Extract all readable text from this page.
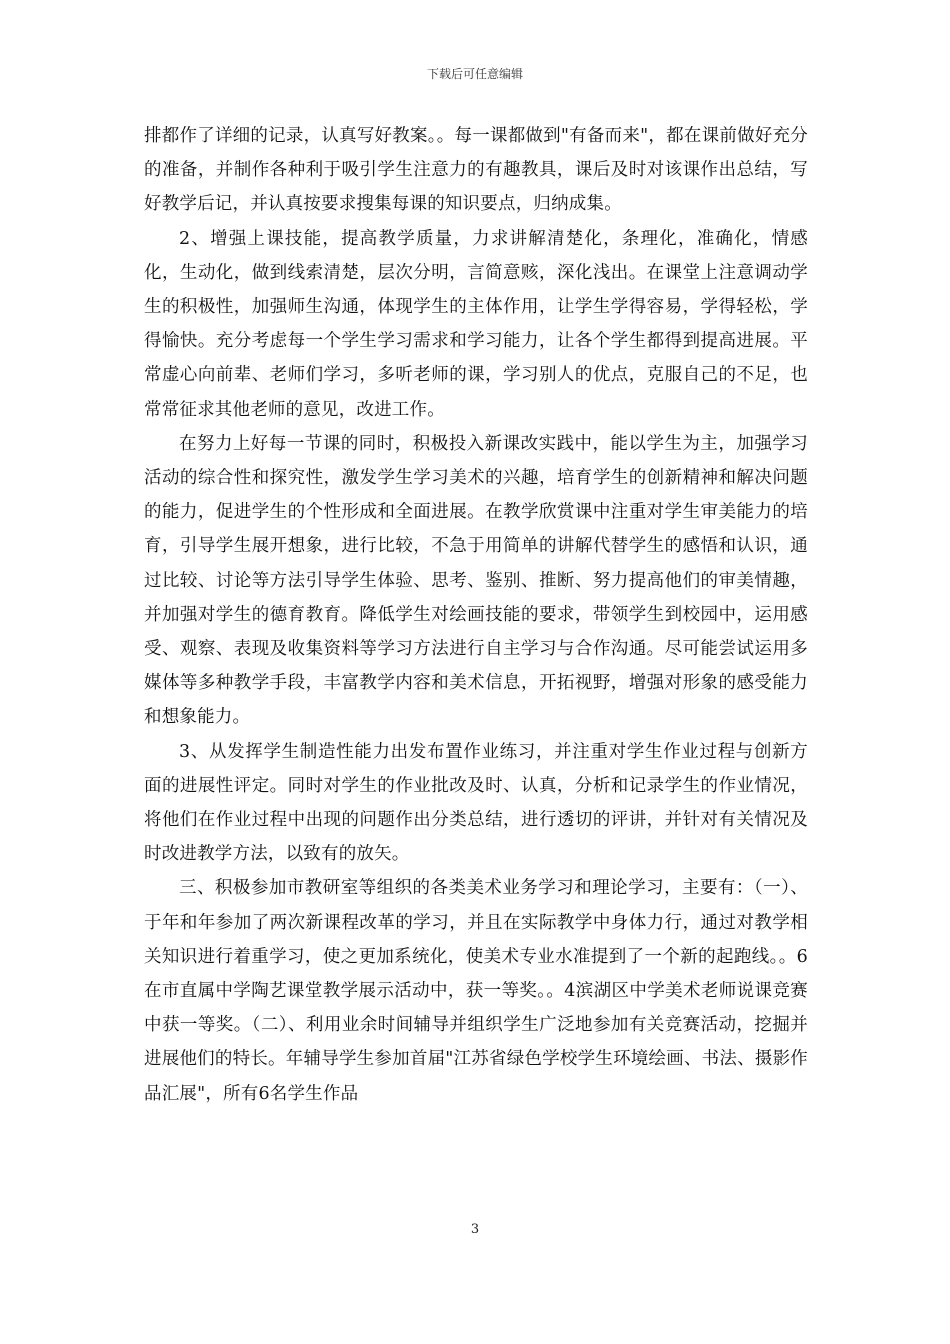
下载后可任意编辑

排都作了详细的记录，认真写好教案。。每一课都做到"有备而来"，都在课前做好充分的准备，并制作各种利于吸引学生注意力的有趣教具，课后及时对该课作出总结，写好教学后记，并认真按要求搜集每课的知识要点，归纳成集。

2、增强上课技能，提高教学质量，力求讲解清楚化，条理化，准确化，情感化，生动化，做到线索清楚，层次分明，言简意赅，深化浅出。在课堂上注意调动学生的积极性，加强师生沟通，体现学生的主体作用，让学生学得容易，学得轻松，学得愉快。充分考虑每一个学生学习需求和学习能力，让各个学生都得到提高进展。平常虚心向前辈、老师们学习，多听老师的课，学习别人的优点，克服自己的不足，也常常征求其他老师的意见，改进工作。

在努力上好每一节课的同时，积极投入新课改实践中，能以学生为主，加强学习活动的综合性和探究性，激发学生学习美术的兴趣，培育学生的创新精神和解决问题的能力，促进学生的个性形成和全面进展。在教学欣赏课中注重对学生审美能力的培育，引导学生展开想象，进行比较，不急于用简单的讲解代替学生的感悟和认识，通过比较、讨论等方法引导学生体验、思考、鉴别、推断、努力提高他们的审美情趣，并加强对学生的德育教育。降低学生对绘画技能的要求，带领学生到校园中，运用感受、观察、表现及收集资料等学习方法进行自主学习与合作沟通。尽可能尝试运用多媒体等多种教学手段，丰富教学内容和美术信息，开拓视野，增强对形象的感受能力和想象能力。

3、从发挥学生制造性能力出发布置作业练习，并注重对学生作业过程与创新方面的进展性评定。同时对学生的作业批改及时、认真，分析和记录学生的作业情况，将他们在作业过程中出现的问题作出分类总结，进行透切的评讲，并针对有关情况及时改进教学方法，以致有的放矢。

三、积极参加市教研室等组织的各类美术业务学习和理论学习，主要有：（一）、于年和年参加了两次新课程改革的学习，并且在实际教学中身体力行，通过对教学相关知识进行着重学习，使之更加系统化，使美术专业水准提到了一个新的起跑线。。6在市直属中学陶艺课堂教学展示活动中，获一等奖。。4滨湖区中学美术老师说课竞赛中获一等奖。（二）、利用业余时间辅导并组织学生广泛地参加有关竞赛活动，挖掘并进展他们的特长。年辅导学生参加首届"江苏省绿色学校学生环境绘画、书法、摄影作品汇展"，所有6名学生作品

3
